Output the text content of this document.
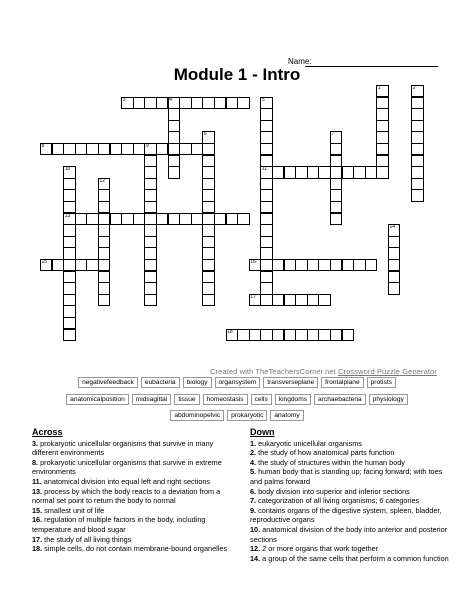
Name:
Module 1 - Intro
1	2
3	4	5
6	7
8	9
10	11
12
13
14
15	16
17
18
Created with TheTeachersCorner.net Crossword Puzzle Generator
negativefeedback	eubacteria	biology	organsystem	transverseplane	frontalplane	protists
anatomicalposition	midsagittal	tissue	homeostasis	cells	kingdoms	archaebacteria	physiology
abdominopelvic	prokaryotic	anatomy
Across
3. prokaryotic unicellular organisms that survive in many different environments
8. prokaryotic unicellular organisms that survive in extreme environments
11. anatomical division into equal left and right sections
13. process by which the body reacts to a deviation from a normal set point to return the body to normal
15. smallest unit of life
16. regulation of multiple factors in the body, including temperature and blood sugar
17. the study of all living things
18. simple cells, do not contain membrane-bound organelles
Down
1. eukaryotic unicellular organisms
2. the study of how anatomical parts function
4. the study of structures within the human body
5. human body that is standing up; facing forward; with toes and palms forward
6. body division into superior and inferior sections
7. categorization of all living organisms; 6 categories
9. contains organs of the digestive system, spleen, bladder, reproductive organs
10. anatomical division of the body into anterior and posterior sections
12. 2 or more organs that work together
14. a group of the same cells that perform a common function
